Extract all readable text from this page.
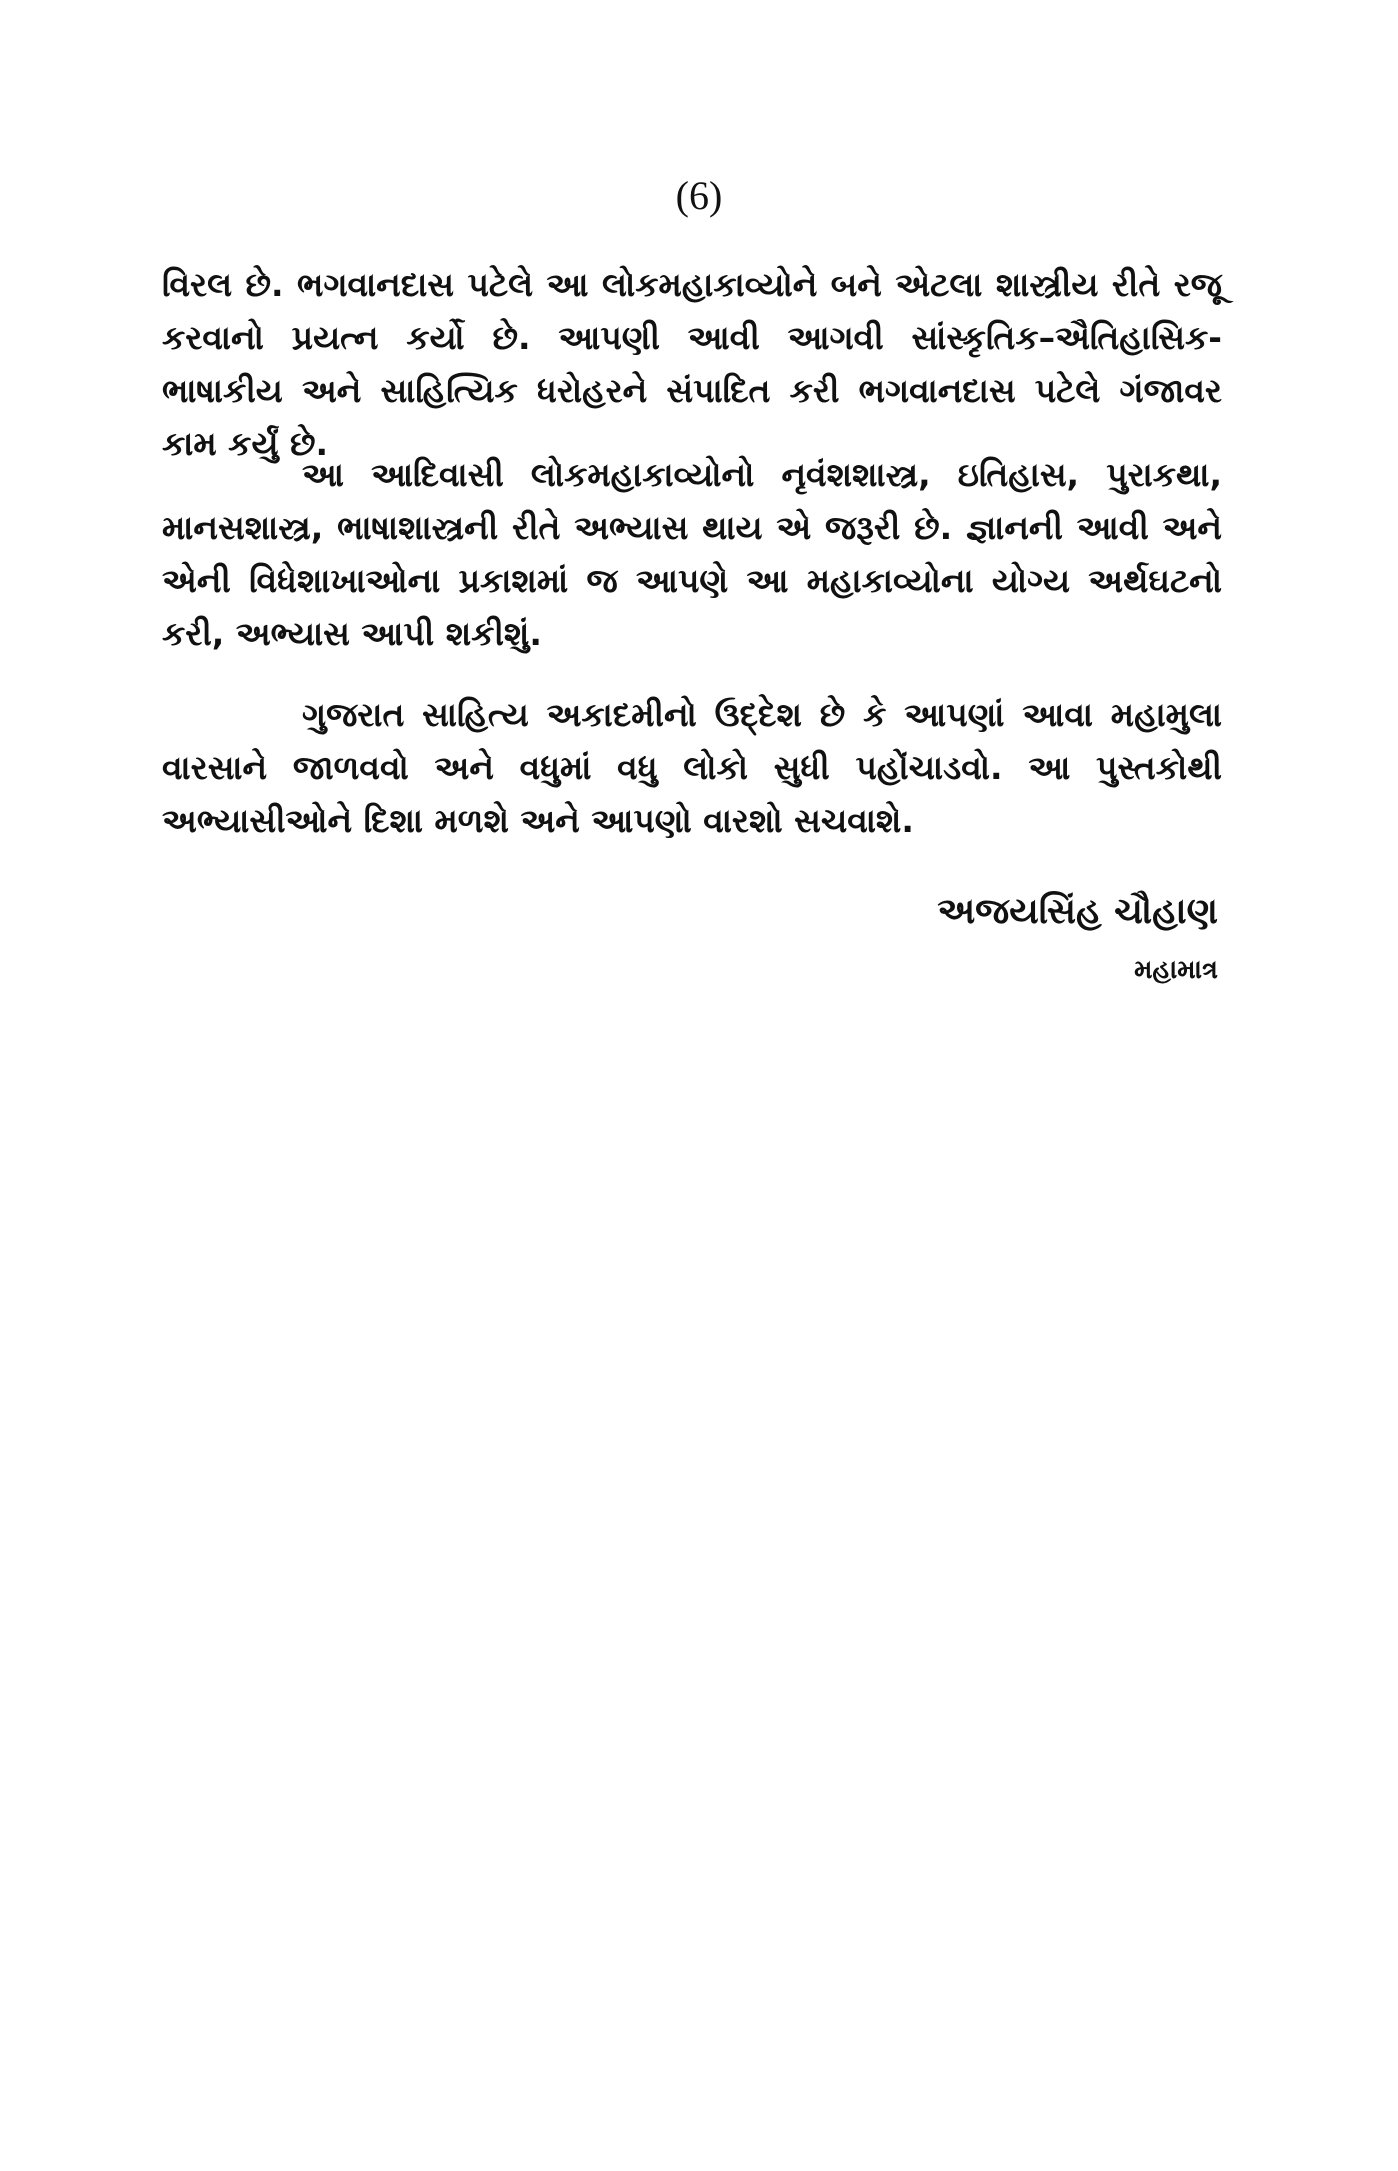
(6)

વિરલ છે. ભગવાનદાસ પટેલે આ લોકમહાકાવ્યોને બને એટલા શાસ્ત્રીય રીતે રજૂ કરવાનો પ્રયત્ન કર્યો છે. આપણી આવી આગવી સાંસ્કૃતિક–ઐતિહાસિક-ભાષાકીય અને સાહિત્યિક ધરોહરને સંપાદિત કરી ભગવાનદાસ પટેલે ગંજાવર કામ કર્યું છે.

આ આદિવાસી લોકમહાકાવ્યોનો નૃવંશશાસ્ત્ર, ઇતિહાસ, પુરાકથા, માનસશાસ્ત્ર, ભાષાશાસ્ત્રની રીતે અભ્યાસ થાય એ જરૂરી છે. જ્ઞાનની આવી અને એની વિધેશાખાઓના પ્રકાશમાં જ આપણે આ મહાકાવ્યોના યોગ્ય અર્થઘટનો કરી, અભ્યાસ આપી શકીશું.

ગુજરાત સાહિત્ય અકાદમીનો ઉદ્દેશ છે કે આપણાં આવા મહામુલા વારસાને જાળવવો અને વધુમાં વધુ લોકો સુધી પહોંચાડવો. આ પુસ્તકોથી અભ્યાસીઓને દિશા મળશે અને આપણો વારશો સચવાશે.

અજયસિંહ ચૌહાણ
મહામાત્ર
